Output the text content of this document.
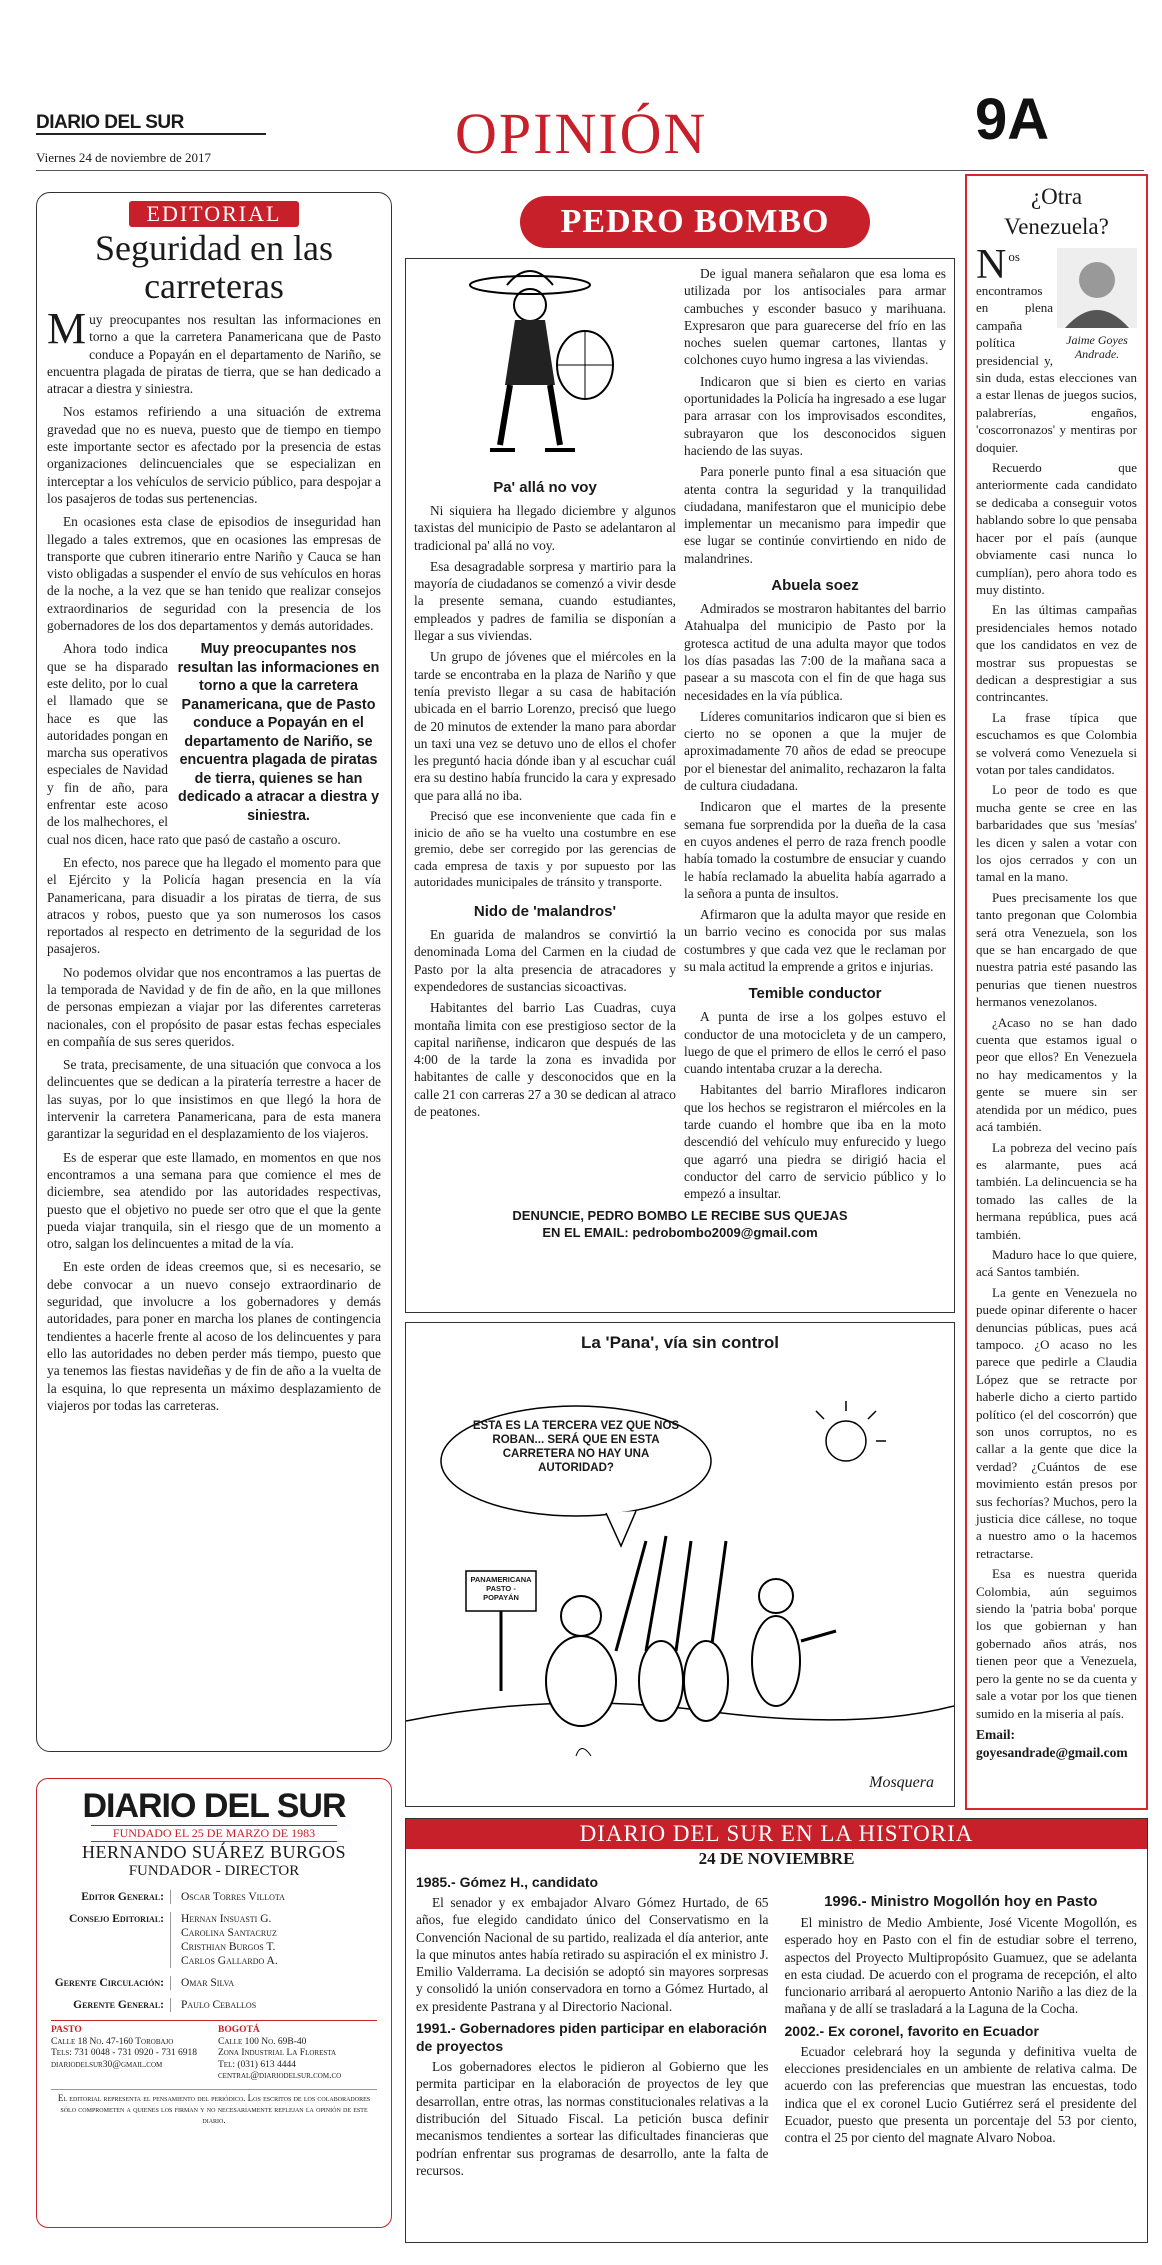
DIARIO DEL SUR
Viernes 24 de noviembre de 2017	OPINIÓN	9A
EDITORIAL
Seguridad en las carreteras

Muy preocupantes nos resultan las informaciones en torno a que la carretera Panamericana que de Pasto conduce a Popayán en el departamento de Nariño, se encuentra plagada de piratas de tierra, que se han dedicado a atracar a diestra y siniestra.

Nos estamos refiriendo a una situación de extrema gravedad que no es nueva, puesto que de tiempo en tiempo este importante sector es afectado por la presencia de estas organizaciones delincuenciales que se especializan en interceptar a los vehículos de servicio público, para despojar a los pasajeros de todas sus pertenencias.

En ocasiones esta clase de episodios de inseguridad han llegado a tales extremos, que en ocasiones las empresas de transporte que cubren itinerario entre Nariño y Cauca se han visto obligadas a suspender el envío de sus vehículos en horas de la noche, a la vez que se han tenido que realizar consejos extraordinarios de seguridad con la presencia de los gobernadores de los dos departamentos y demás autoridades.

Muy preocupantes nos resultan las informaciones en torno a que la carretera Panamericana, que de Pasto conduce a Popayán en el departamento de Nariño, se encuentra plagada de piratas de tierra, quienes se han dedicado a atracar a diestra y siniestra.

Ahora todo indica que se ha disparado este delito, por lo cual el llamado que se hace es que las autoridades pongan en marcha sus operativos especiales de Navidad y fin de año, para enfrentar este acoso de los malhechores, el cual nos dicen, hace rato que pasó de castaño a oscuro.

En efecto, nos parece que ha llegado el momento para que el Ejército y la Policía hagan presencia en la vía Panamericana, para disuadir a los piratas de tierra, de sus atracos y robos, puesto que ya son numerosos los casos reportados al respecto en detrimento de la seguridad de los pasajeros.

No podemos olvidar que nos encontramos a las puertas de la temporada de Navidad y de fin de año, en la que millones de personas empiezan a viajar por las diferentes carreteras nacionales, con el propósito de pasar estas fechas especiales en compañía de sus seres queridos.

Se trata, precisamente, de una situación que convoca a los delincuentes que se dedican a la piratería terrestre a hacer de las suyas, por lo que insistimos en que llegó la hora de intervenir la carretera Panamericana, para de esta manera garantizar la seguridad en el desplazamiento de los viajeros.

Es de esperar que este llamado, en momentos en que nos encontramos a una semana para que comience el mes de diciembre, sea atendido por las autoridades respectivas, puesto que el objetivo no puede ser otro que el que la gente pueda viajar tranquila, sin el riesgo que de un momento a otro, salgan los delincuentes a mitad de la vía.

En este orden de ideas creemos que, si es necesario, se debe convocar a un nuevo consejo extraordinario de seguridad, que involucre a los gobernadores y demás autoridades, para poner en marcha los planes de contingencia tendientes a hacerle frente al acoso de los delincuentes y para ello las autoridades no deben perder más tiempo, puesto que ya tenemos las fiestas navideñas y de fin de año a la vuelta de la esquina, lo que representa un máximo desplazamiento de viajeros por todas las carreteras.

PEDRO BOMBO
Pa' allá no voy

Ni siquiera ha llegado diciembre y algunos taxistas del municipio de Pasto se adelantaron al tradicional pa' allá no voy.

Esa desagradable sorpresa y martirio para la mayoría de ciudadanos se comenzó a vivir desde la presente semana, cuando estudiantes, empleados y padres de familia se disponían a llegar a sus viviendas.

Un grupo de jóvenes que el miércoles en la tarde se encontraba en la plaza de Nariño y que tenía previsto llegar a su casa de habitación ubicada en el barrio Lorenzo, precisó que luego de 20 minutos de extender la mano para abordar un taxi una vez se detuvo uno de ellos el chofer les preguntó hacia dónde iban y al escuchar cuál era su destino había fruncido la cara y expresado que para allá no iba.

Precisó que ese inconveniente que cada fin e inicio de año se ha vuelto una costumbre en ese gremio, debe ser corregido por las gerencias de cada empresa de taxis y por supuesto por las autoridades municipales de tránsito y transporte.

Nido de 'malandros'

En guarida de malandros se convirtió la denominada Loma del Carmen en la ciudad de Pasto por la alta presencia de atracadores y expendedores de sustancias sicoactivas.

Habitantes del barrio Las Cuadras, cuya montaña limita con ese prestigioso sector de la capital nariñense, indicaron que después de las 4:00 de la tarde la zona es invadida por habitantes de calle y desconocidos que en la calle 21 con carreras 27 a 30 se dedican al atraco de peatones.

De igual manera señalaron que esa loma es utilizada por los antisociales para armar cambuches y esconder basuco y marihuana. Expresaron que para guarecerse del frío en las noches suelen quemar cartones, llantas y colchones cuyo humo ingresa a las viviendas.

Indicaron que si bien es cierto en varias oportunidades la Policía ha ingresado a ese lugar para arrasar con los improvisados escondites, subrayaron que los desconocidos siguen haciendo de las suyas.

Para ponerle punto final a esa situación que atenta contra la seguridad y la tranquilidad ciudadana, manifestaron que el municipio debe implementar un mecanismo para impedir que ese lugar se continúe convirtiendo en nido de malandrines.

Abuela soez

Admirados se mostraron habitantes del barrio Atahualpa del municipio de Pasto por la grotesca actitud de una adulta mayor que todos los días pasadas las 7:00 de la mañana saca a pasear a su mascota con el fin de que haga sus necesidades en la vía pública.

Líderes comunitarios indicaron que si bien es cierto no se oponen a que la mujer de aproximadamente 70 años de edad se preocupe por el bienestar del animalito, rechazaron la falta de cultura ciudadana.

Indicaron que el martes de la presente semana fue sorprendida por la dueña de la casa en cuyos andenes el perro de raza french poodle había tomado la costumbre de ensuciar y cuando le había reclamado la abuelita había agarrado a la señora a punta de insultos.

Afirmaron que la adulta mayor que reside en un barrio vecino es conocida por sus malas costumbres y que cada vez que le reclaman por su mala actitud la emprende a gritos e injurias.

Temible conductor

A punta de irse a los golpes estuvo el conductor de una motocicleta y de un campero, luego de que el primero de ellos le cerró el paso cuando intentaba cruzar a la derecha.

Habitantes del barrio Miraflores indicaron que los hechos se registraron el miércoles en la tarde cuando el hombre que iba en la moto descendió del vehículo muy enfurecido y luego que agarró una piedra se dirigió hacia el conductor del carro de servicio público y lo empezó a insultar.

DENUNCIE, PEDRO BOMBO LE RECIBE SUS QUEJAS
EN EL EMAIL: pedrobombo2009@gmail.com
La 'Pana', vía sin control
ESTA ES LA TERCERA VEZ QUE NOS ROBAN... SERÁ QUE EN ESTA CARRETERA NO HAY UNA AUTORIDAD?
PANAMERICANA PASTO - POPAYÁN
Mosquera
¿Otra Venezuela?
Jaime Goyes Andrade.

Nos encontramos en plena campaña política presidencial y, sin duda, estas elecciones van a estar llenas de juegos sucios, palabrerías, engaños, 'coscorronazos' y mentiras por doquier.

Recuerdo que anteriormente cada candidato se dedicaba a conseguir votos hablando sobre lo que pensaba hacer por el país (aunque obviamente casi nunca lo cumplían), pero ahora todo es muy distinto.

En las últimas campañas presidenciales hemos notado que los candidatos en vez de mostrar sus propuestas se dedican a desprestigiar a sus contrincantes.

La frase típica que escuchamos es que Colombia se volverá como Venezuela si votan por tales candidatos.

Lo peor de todo es que mucha gente se cree en las barbaridades que sus 'mesías' les dicen y salen a votar con los ojos cerrados y con un tamal en la mano.

Pues precisamente los que tanto pregonan que Colombia será otra Venezuela, son los que se han encargado de que nuestra patria esté pasando las penurias que tienen nuestros hermanos venezolanos.

¿Acaso no se han dado cuenta que estamos igual o peor que ellos? En Venezuela no hay medicamentos y la gente se muere sin ser atendida por un médico, pues acá también.

La pobreza del vecino país es alarmante, pues acá también. La delincuencia se ha tomado las calles de la hermana república, pues acá también.

Maduro hace lo que quiere, acá Santos también.

La gente en Venezuela no puede opinar diferente o hacer denuncias públicas, pues acá tampoco. ¿O acaso no les parece que pedirle a Claudia López que se retracte por haberle dicho a cierto partido político (el del coscorrón) que son unos corruptos, no es callar a la gente que dice la verdad? ¿Cuántos de ese movimiento están presos por sus fechorías? Muchos, pero la justicia dice cállese, no toque a nuestro amo o la hacemos retractarse.

Esa es nuestra querida Colombia, aún seguimos siendo la 'patria boba' porque los que gobiernan y han gobernado años atrás, nos tienen peor que a Venezuela, pero la gente no se da cuenta y sale a votar por los que tienen sumido en la miseria al país.

Email: goyesandrade@gmail.com

DIARIO DEL SUR
FUNDADO EL 25 DE MARZO DE 1983
HERNANDO SUÁREZ BURGOS
FUNDADOR - DIRECTOR
Editor General:	Oscar Torres Villota
Consejo Editorial:	Hernan Insuasti G.
Carolina Santacruz
Cristhian Burgos T.
Carlos Gallardo A.
Gerente Circulación:	Omar Silva
Gerente General:	Paulo Ceballos
PASTO
Calle 18 No. 47-160 Torobajo
Tels: 731 0048 - 731 0920 - 731 6918
diariodelsur30@gmail.com
BOGOTÁ
Calle 100 No. 69B-40
Zona Industrial La Floresta
Tel: (031) 613 4444
central@diariodelsur.com.co
El editorial representa el pensamiento del periódico. Los escritos de los colaboradores sólo comprometen a quienes los firman y no necesariamente reflejan la opinión de este diario.
DIARIO DEL SUR EN LA HISTORIA
24 DE NOVIEMBRE
1985.- Gómez H., candidato

El senador y ex embajador Alvaro Gómez Hurtado, de 65 años, fue elegido candidato único del Conservatismo en la Convención Nacional de su partido, realizada el día anterior, ante la que minutos antes había retirado su aspiración el ex ministro J. Emilio Valderrama. La decisión se adoptó sin mayores sorpresas y consolidó la unión conservadora en torno a Gómez Hurtado, al ex presidente Pastrana y al Directorio Nacional.

1991.- Gobernadores piden participar en elaboración de proyectos

Los gobernadores electos le pidieron al Gobierno que les permita participar en la elaboración de proyectos de ley que desarrollan, entre otras, las normas constitucionales relativas a la distribución del Situado Fiscal. La petición busca definir mecanismos tendientes a sortear las dificultades financieras que podrían enfrentar sus programas de desarrollo, ante la falta de recursos.

1996.- Ministro Mogollón hoy en Pasto

El ministro de Medio Ambiente, José Vicente Mogollón, es esperado hoy en Pasto con el fin de estudiar sobre el terreno, aspectos del Proyecto Multipropósito Guamuez, que se adelanta en esta ciudad. De acuerdo con el programa de recepción, el alto funcionario arribará al aeropuerto Antonio Nariño a las diez de la mañana y de allí se trasladará a la Laguna de la Cocha.

2002.- Ex coronel, favorito en Ecuador

Ecuador celebrará hoy la segunda y definitiva vuelta de elecciones presidenciales en un ambiente de relativa calma. De acuerdo con las preferencias que muestran las encuestas, todo indica que el ex coronel Lucio Gutiérrez será el presidente del Ecuador, puesto que presenta un porcentaje del 53 por ciento, contra el 25 por ciento del magnate Alvaro Noboa.
